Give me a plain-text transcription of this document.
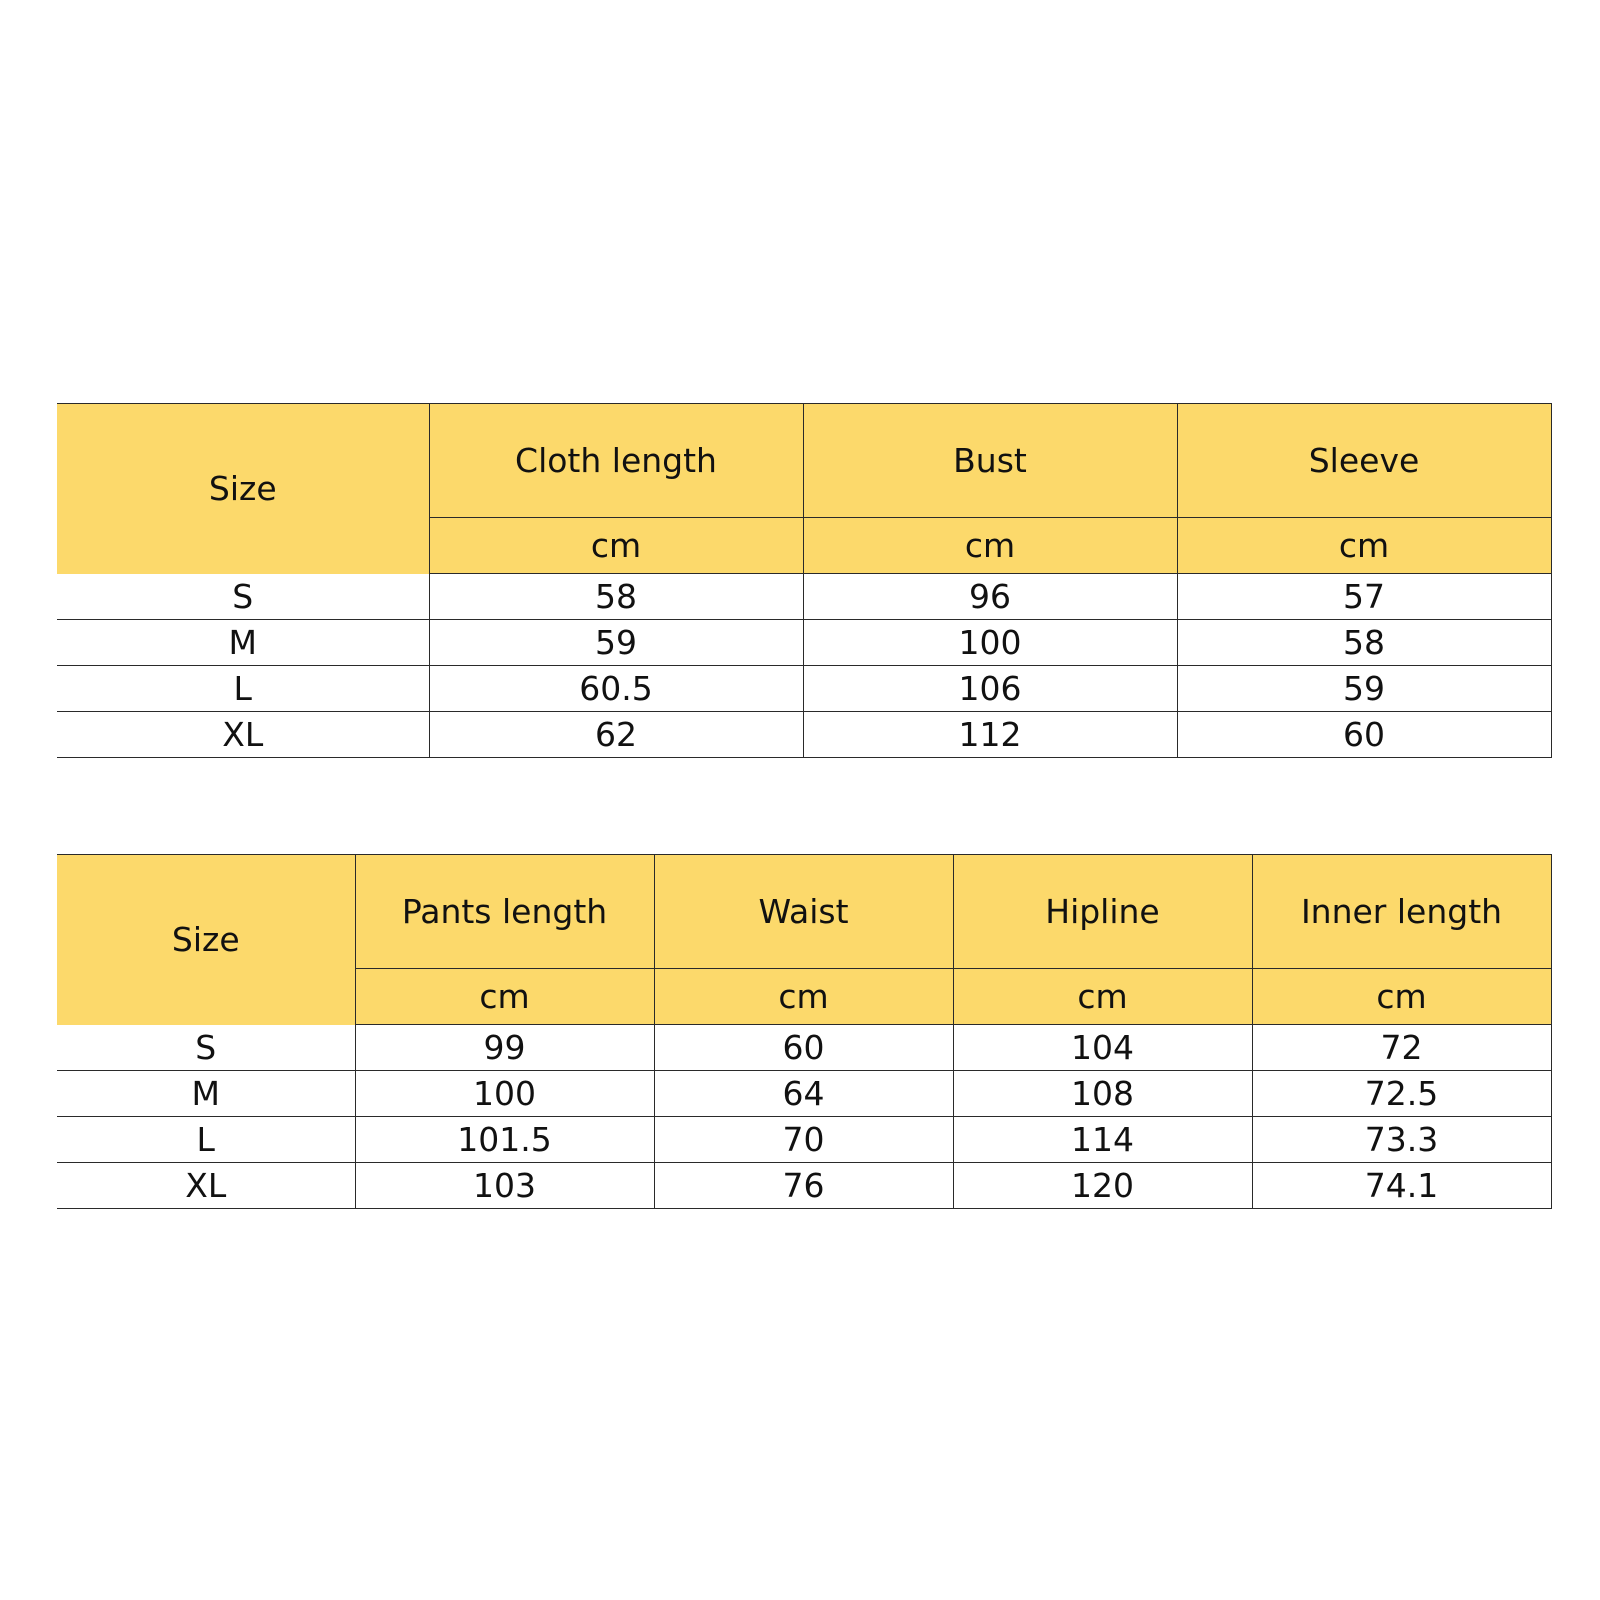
Size	Cloth length	Bust	Sleeve
	cm	cm	cm
S	58	96	57
M	59	100	58
L	60.5	106	59
XL	62	112	60
Size	Pants length	Waist	Hipline	Inner length
	cm	cm	cm	cm
S	99	60	104	72
M	100	64	108	72.5
L	101.5	70	114	73.3
XL	103	76	120	74.1
